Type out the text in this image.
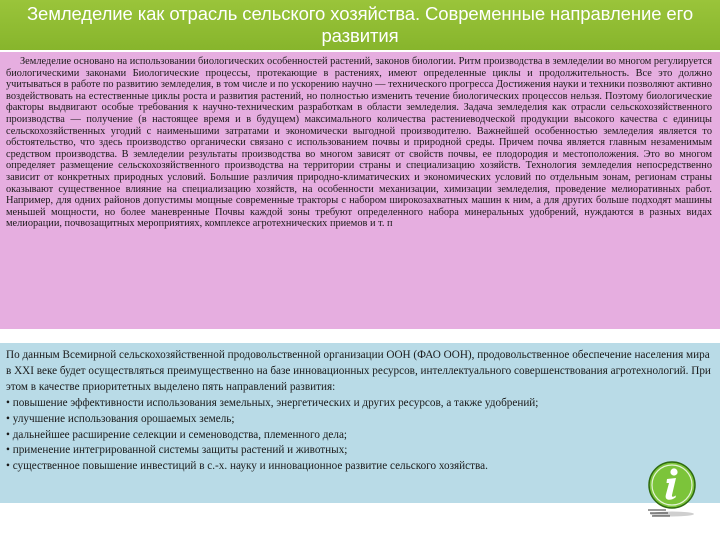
Земледелие как отрасль сельского хозяйства. Современные направление его развития

Земледелие основано на использовании биологических особенностей растений, законов биологии. Ритм производства в земледелии во многом регулируется биологическими законами Биологические процессы, протекающие в растениях, имеют определенные циклы и продолжительность. Все это должно учитываться в работе по развитию земледелия, в том числе и по ускорению научно — технического прогресса Достижения науки и техники позволяют активно воздействовать на естественные циклы роста и развития растений, но полностью изменить течение биологических процессов нельзя. Поэтому биологические факторы выдвигают особые требования к научно-техническим разработкам в области земледелия. Задача земледелия как отрасли сельскохозяйственного производства — получение (в настоящее время и в будущем) максимального количества растениеводческой продукции высокого качества с единицы сельскохозяйственных угодий с наименьшими затратами и экономически выгодной производителю. Важнейшей особенностью земледелия является то обстоятельство, что здесь производство органически связано с использованием почвы и природной среды. Причем почва является главным незаменимым средством производства. В земледелии результаты производства во многом зависят от свойств почвы, ее плодородия и местоположения. Это во многом определяет размещение сельскохозяйственного производства на территории страны и специализацию хозяйств. Технология земледелия непосредственно зависит от конкретных природных условий. Большие различия природно-климатических и экономических условий по отдельным зонам, регионам страны оказывают существенное влияние на специализацию хозяйств, на особенности механизации, химизации земледелия, проведение мелиоративных работ. Например, для одних районов допустимы мощные современные тракторы с набором широкозахватных машин к ним, а для других больше подходят машины меньшей мощности, но более маневренные Почвы каждой зоны требуют определенного набора минеральных удобрений, нуждаются в разных видах мелиорации, почвозащитных мероприятиях, комплексе агротехнических приемов и т. п

По данным Всемирной сельскохозяйственной продовольственной организации ООН (ФАО ООН), продовольственное обеспечение населения мира в XXI веке будет осуществляться преимущественно на базе инновационных ресурсов, интеллектуального совершенствования агротехнологий. При этом в качестве приоритетных выделено пять направлений развития:

• повышение эффективности использования земельных, энергетических и других ресурсов, а также удобрений;
• улучшение использования орошаемых земель;
• дальнейшее расширение селекции и семеноводства, племенного дела;
• применение интегрированной системы защиты растений и животных;
• существенное повышение инвестиций в с.-х. науку и инновационное развитие сельского хозяйства.
